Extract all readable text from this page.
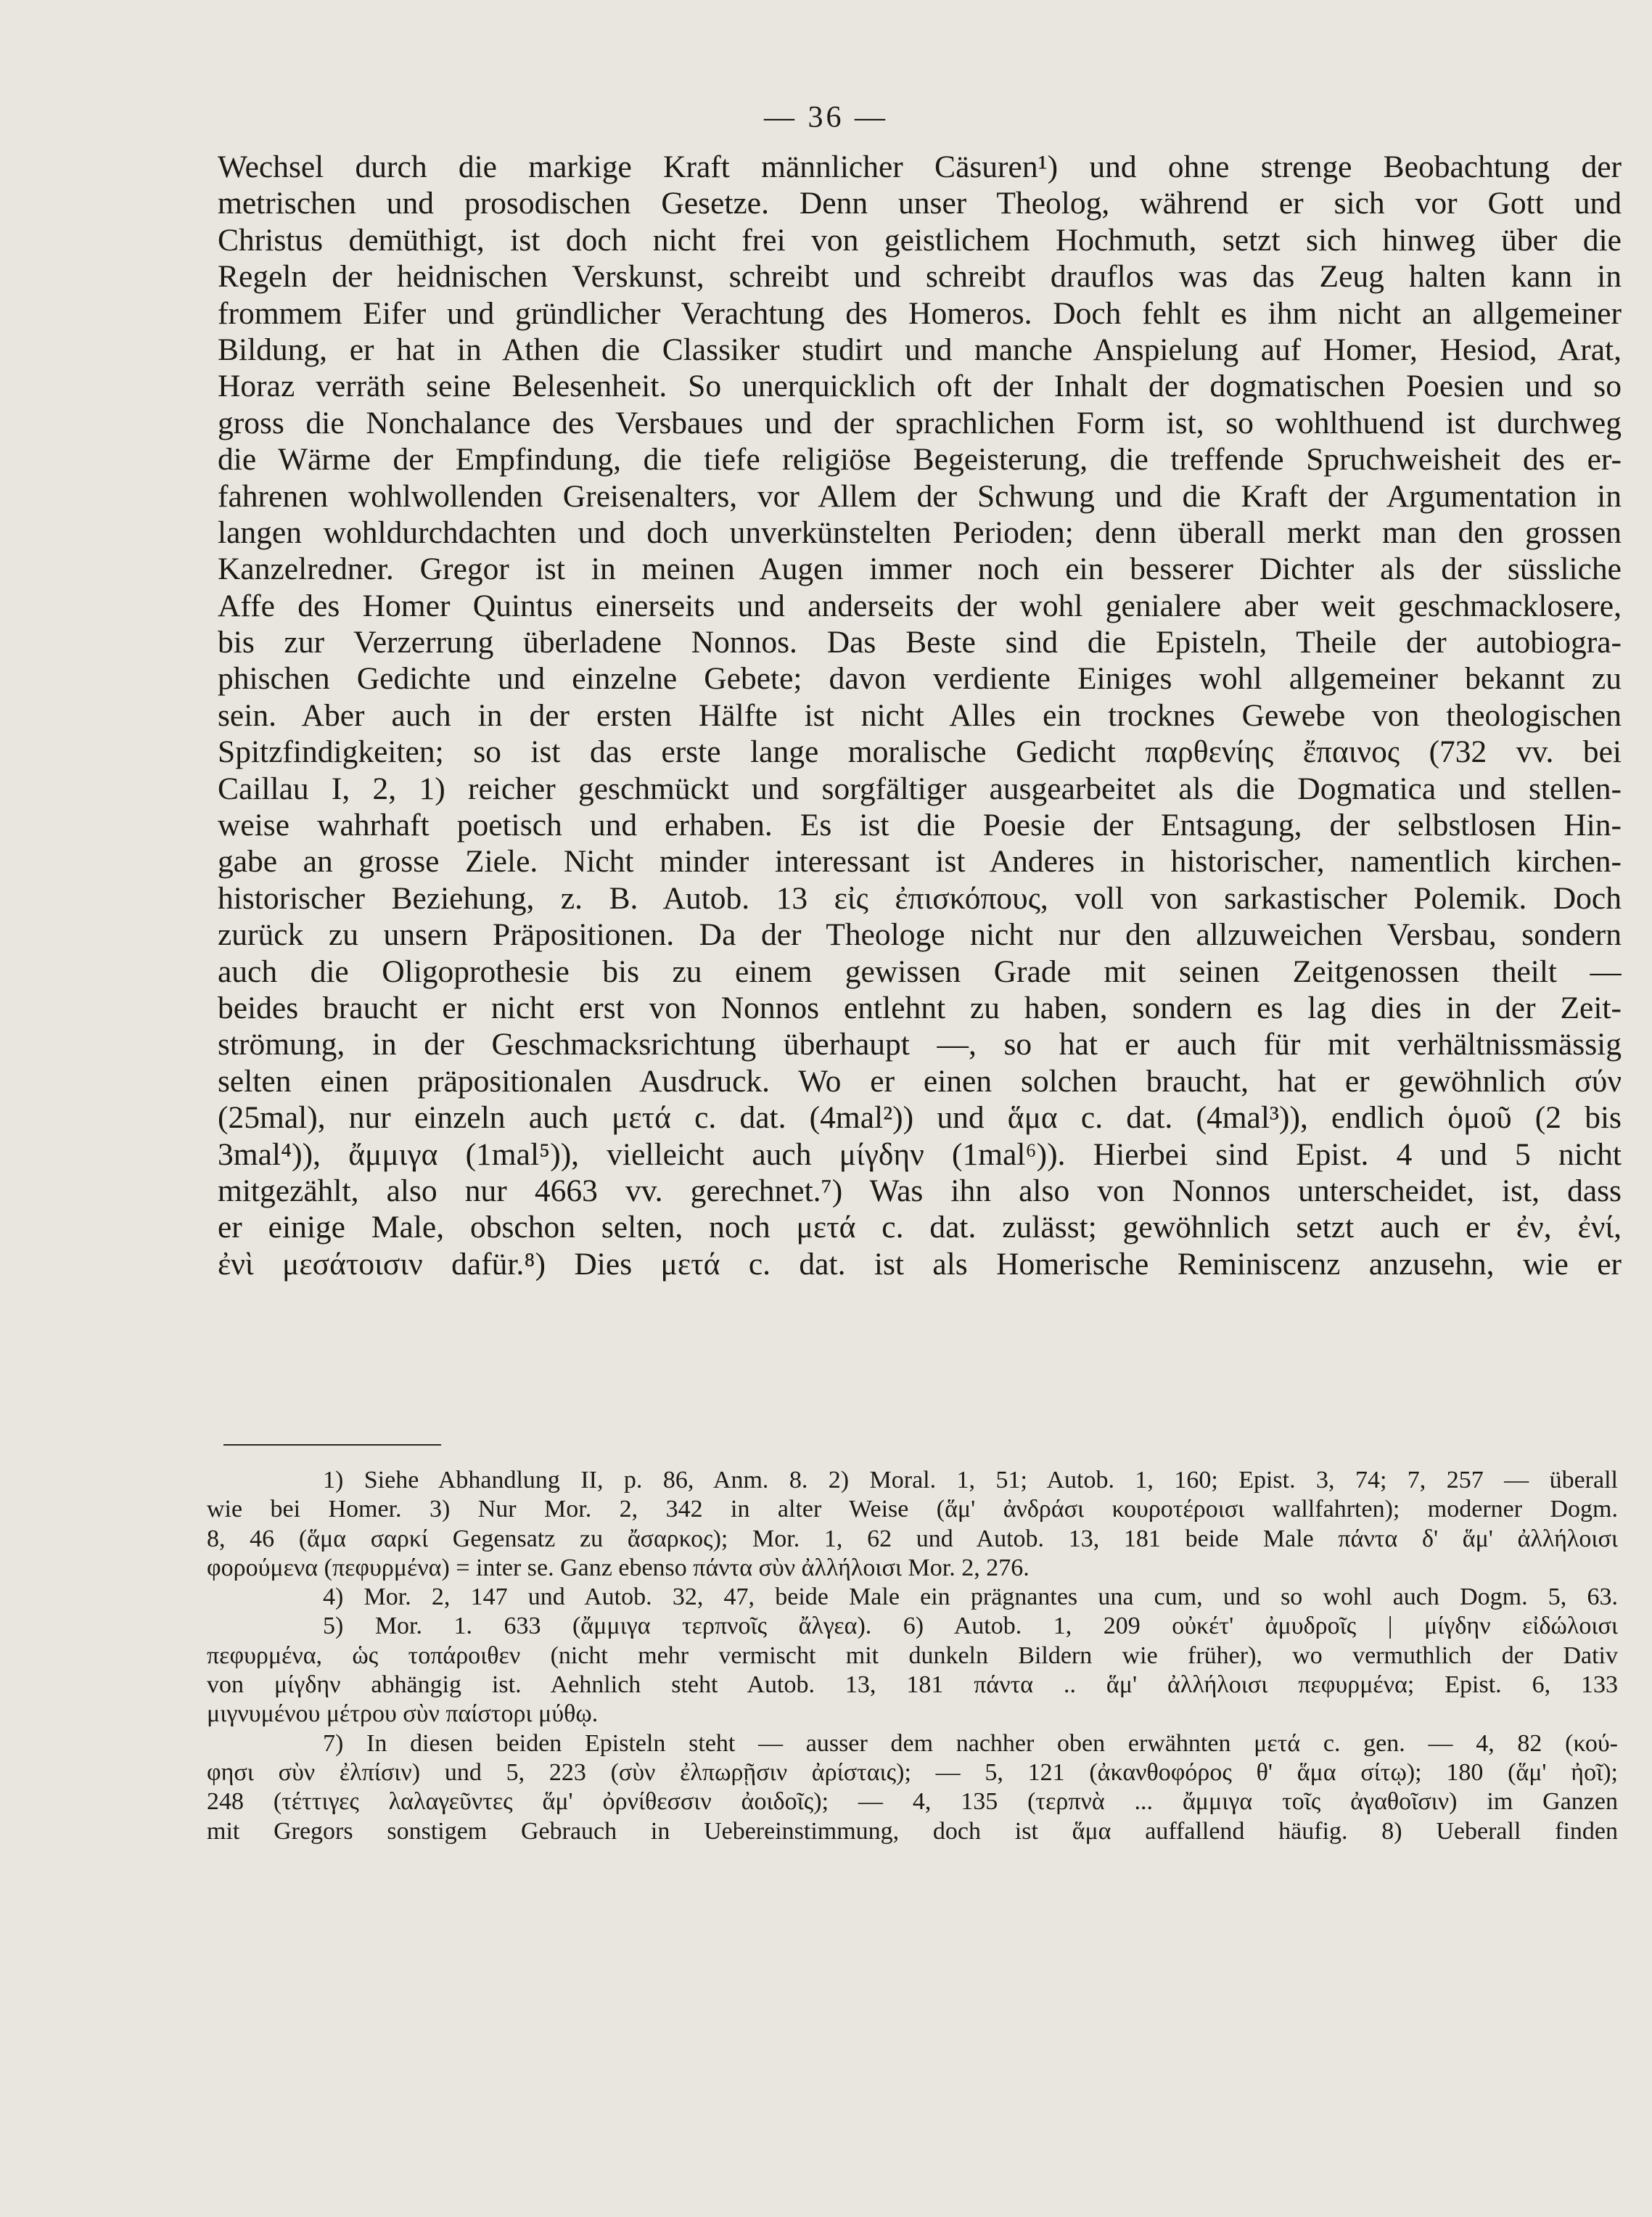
— 36 —
Wechsel durch die markige Kraft männlicher Cäsuren¹) und ohne strenge Beobachtung der
metrischen und prosodischen Gesetze. Denn unser Theolog, während er sich vor Gott und
Christus demüthigt, ist doch nicht frei von geistlichem Hochmuth, setzt sich hinweg über die
Regeln der heidnischen Verskunst, schreibt und schreibt drauflos was das Zeug halten kann in
frommem Eifer und gründlicher Verachtung des Homeros. Doch fehlt es ihm nicht an allgemeiner
Bildung, er hat in Athen die Classiker studirt und manche Anspielung auf Homer, Hesiod, Arat,
Horaz verräth seine Belesenheit. So unerquicklich oft der Inhalt der dogmatischen Poesien und so
gross die Nonchalance des Versbaues und der sprachlichen Form ist, so wohlthuend ist durchweg
die Wärme der Empfindung, die tiefe religiöse Begeisterung, die treffende Spruchweisheit des er-
fahrenen wohlwollenden Greisenalters, vor Allem der Schwung und die Kraft der Argumentation in
langen wohldurchdachten und doch unverkünstelten Perioden; denn überall merkt man den grossen
Kanzelredner. Gregor ist in meinen Augen immer noch ein besserer Dichter als der süssliche
Affe des Homer Quintus einerseits und anderseits der wohl genialere aber weit geschmacklosere,
bis zur Verzerrung überladene Nonnos. Das Beste sind die Episteln, Theile der autobiogra-
phischen Gedichte und einzelne Gebete; davon verdiente Einiges wohl allgemeiner bekannt zu
sein. Aber auch in der ersten Hälfte ist nicht Alles ein trocknes Gewebe von theologischen
Spitzfindigkeiten; so ist das erste lange moralische Gedicht παρθενίης ἔπαινος (732 vv. bei
Caillau I, 2, 1) reicher geschmückt und sorgfältiger ausgearbeitet als die Dogmatica und stellen-
weise wahrhaft poetisch und erhaben. Es ist die Poesie der Entsagung, der selbstlosen Hin-
gabe an grosse Ziele. Nicht minder interessant ist Anderes in historischer, namentlich kirchen-
historischer Beziehung, z. B. Autob. 13 εἰς ἐπισκόπους, voll von sarkastischer Polemik. Doch
zurück zu unsern Präpositionen. Da der Theologe nicht nur den allzuweichen Versbau, sondern
auch die Oligoprothesie bis zu einem gewissen Grade mit seinen Zeitgenossen theilt —
beides braucht er nicht erst von Nonnos entlehnt zu haben, sondern es lag dies in der Zeit-
strömung, in der Geschmacksrichtung überhaupt —, so hat er auch für mit verhältnissmässig
selten einen präpositionalen Ausdruck. Wo er einen solchen braucht, hat er gewöhnlich σύν
(25mal), nur einzeln auch μετά c. dat. (4mal²)) und ἅμα c. dat. (4mal³)), endlich ὁμοῦ (2 bis
3mal⁴)), ἄμμιγα (1mal⁵)), vielleicht auch μίγδην (1mal⁶)). Hierbei sind Epist. 4 und 5 nicht
mitgezählt, also nur 4663 vv. gerechnet.⁷) Was ihn also von Nonnos unterscheidet, ist, dass
er einige Male, obschon selten, noch μετά c. dat. zulässt; gewöhnlich setzt auch er ἐν, ἐνί,
ἐνὶ μεσάτοισιν dafür.⁸) Dies μετά c. dat. ist als Homerische Reminiscenz anzusehn, wie er
1) Siehe Abhandlung II, p. 86, Anm. 8. 2) Moral. 1, 51; Autob. 1, 160; Epist. 3, 74; 7, 257 — überall
wie bei Homer. 3) Nur Mor. 2, 342 in alter Weise (ἅμ' ἀνδράσι κουροτέροισι wallfahrten); moderner Dogm.
8, 46 (ἅμα σαρκί Gegensatz zu ἄσαρκος); Mor. 1, 62 und Autob. 13, 181 beide Male πάντα δ' ἅμ' ἀλλήλοισι
φορούμενα (πεφυρμένα) = inter se. Ganz ebenso πάντα σὺν ἀλλήλοισι Mor. 2, 276.
4) Mor. 2, 147 und Autob. 32, 47, beide Male ein prägnantes una cum, und so wohl auch Dogm. 5, 63.
5) Mor. 1. 633 (ἄμμιγα τερπνοῖς ἄλγεα). 6) Autob. 1, 209 οὐκέτ' ἀμυδροῖς | μίγδην εἰδώλοισι
πεφυρμένα, ὡς τοπάροιθεν (nicht mehr vermischt mit dunkeln Bildern wie früher), wo vermuthlich der Dativ
von μίγδην abhängig ist. Aehnlich steht Autob. 13, 181 πάντα .. ἅμ' ἀλλήλοισι πεφυρμένα; Epist. 6, 133
μιγνυμένου μέτρου σὺν παίστορι μύθῳ.
7) In diesen beiden Episteln steht — ausser dem nachher oben erwähnten μετά c. gen. — 4, 82 (κού-
φησι σὺν ἐλπίσιν) und 5, 223 (σὺν ἐλπωρῇσιν ἀρίσταις); — 5, 121 (ἀκανθοφόρος θ' ἅμα σίτῳ); 180 (ἅμ' ἠοῖ);
248 (τέττιγες λαλαγεῦντες ἅμ' ὀρνίθεσσιν ἀοιδοῖς); — 4, 135 (τερπνὰ ... ἄμμιγα τοῖς ἀγαθοῖσιν) im Ganzen
mit Gregors sonstigem Gebrauch in Uebereinstimmung, doch ist ἅμα auffallend häufig. 8) Ueberall finden
